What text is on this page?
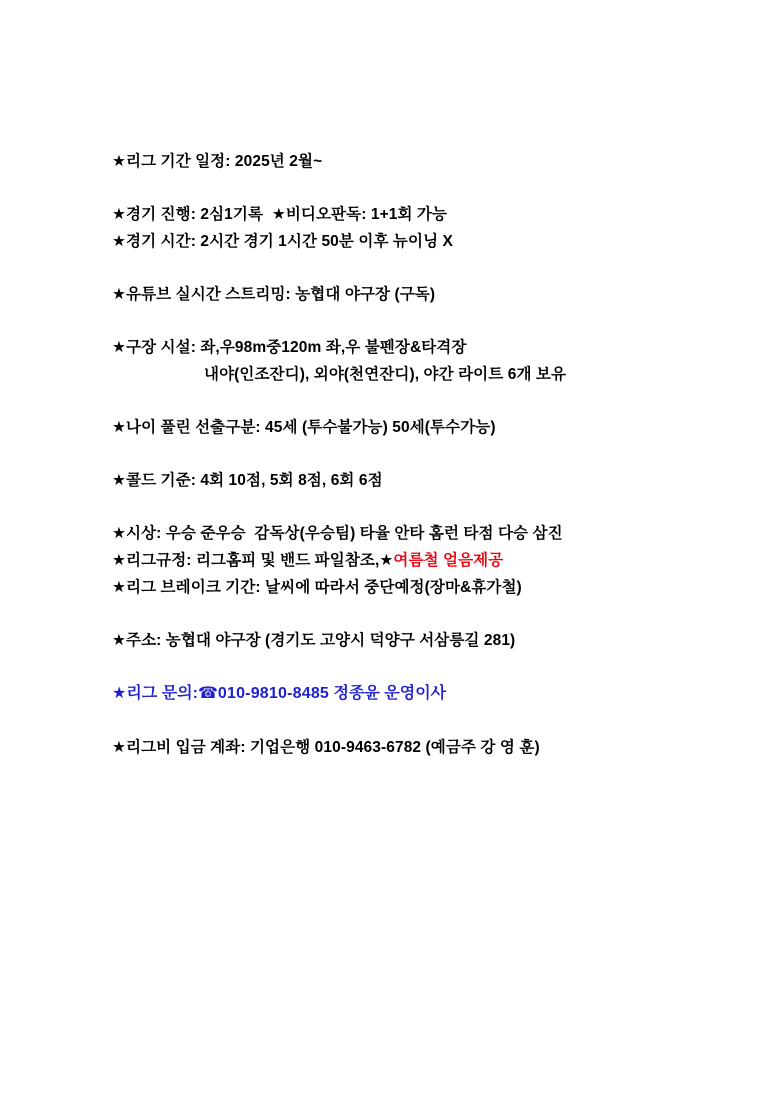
★리그 기간 일정: 2025년 2월~
★경기 진행: 2심1기록  ★비디오판독: 1+1회 가능
★경기 시간: 2시간 경기 1시간 50분 이후 뉴이닝 X
★유튜브 실시간 스트리밍: 농협대 야구장 (구독)
★구장 시설: 좌,우98m중120m 좌,우 불펜장&타격장
내야(인조잔디), 외야(천연잔디), 야간 라이트 6개 보유
★나이 풀린 선출구분: 45세 (투수불가능) 50세(투수가능)
★콜드 기준: 4회 10점, 5회 8점, 6회 6점
★시상: 우승 준우승  감독상(우승팀) 타율 안타 홈런 타점 다승 삼진
★리그규정: 리그홈피 및 밴드 파일참조,★여름철 얼음제공
★리그 브레이크 기간: 날씨에 따라서 중단예정(장마&휴가철)
★주소: 농협대 야구장 (경기도 고양시 덕양구 서삼릉길 281)
★리그 문의:☎010-9810-8485 정종윤 운영이사
★리그비 입금 계좌: 기업은행 010-9463-6782 (예금주 강 영 훈)
